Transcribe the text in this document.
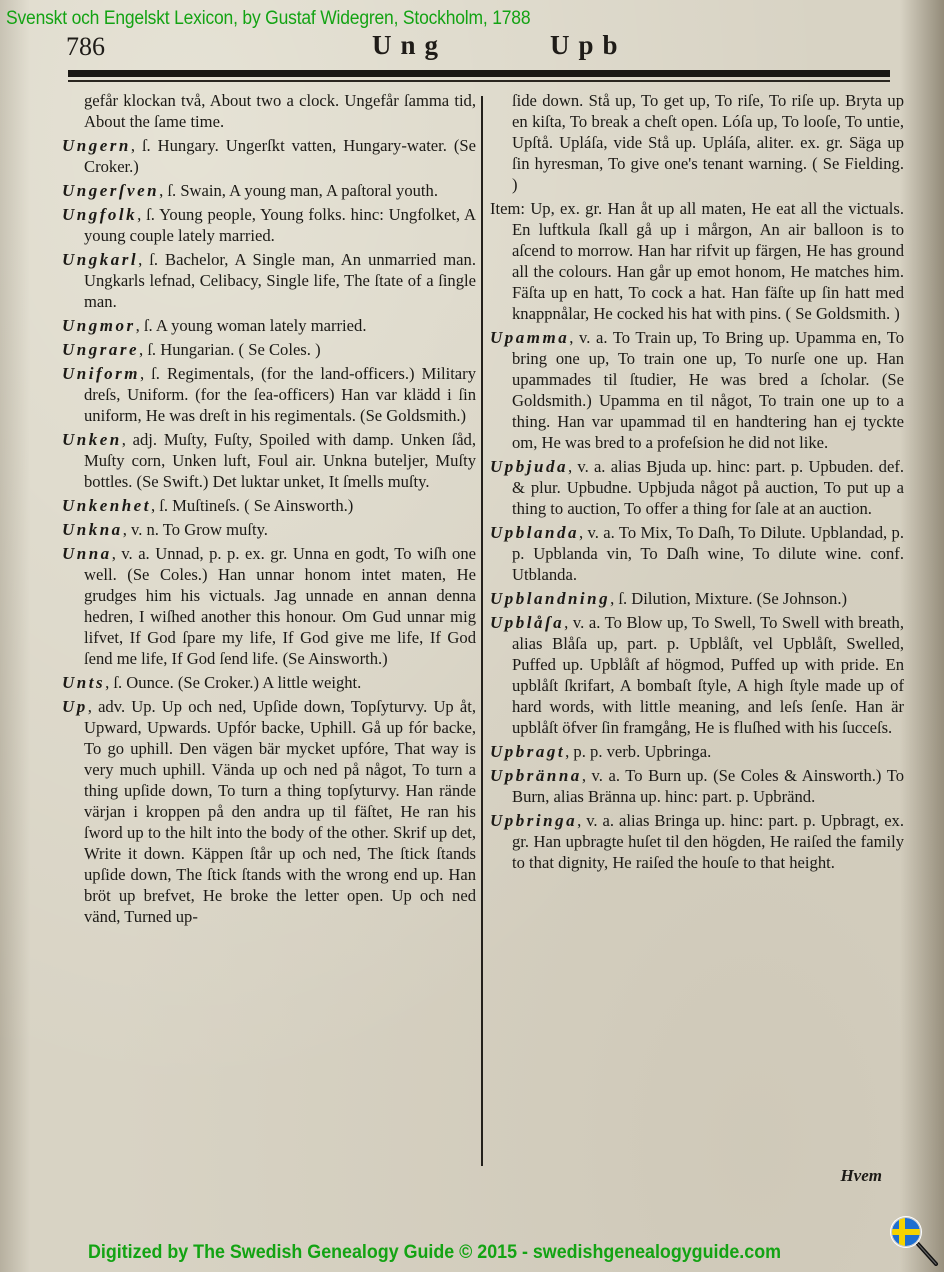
Svenskt och Engelskt Lexicon, by Gustaf Widegren, Stockholm, 1788
786	Ung	Upb
gefår klockan två, About two a clock. Ungefår ſamma tid, About the ſame time.
Ungern, ſ. Hungary. Ungerſkt vatten, Hungary-water. (Se Croker.)
Ungerſven, ſ. Swain, A young man, A paſtoral youth.
Ungfolk, ſ. Young people, Young folks. hinc: Ungfolket, A young couple lately married.
Ungkarl, ſ. Bachelor, A Single man, An unmarried man. Ungkarls lefnad, Celibacy, Single life, The ſtate of a ſingle man.
Ungmor, ſ. A young woman lately married.
Ungrare, ſ. Hungarian. ( Se Coles. )
Uniform, ſ. Regimentals, (for the land-officers.) Military dreſs, Uniform. (for the ſea-officers) Han var klädd i ſin uniform, He was dreſt in his regimentals. (Se Goldsmith.)
Unken, adj. Muſty, Fuſty, Spoiled with damp. Unken ſåd, Muſty corn, Unken luft, Foul air. Unkna buteljer, Muſty bottles. (Se Swift.) Det luktar unket, It ſmells muſty.
Unkenhet, ſ. Muſtineſs. ( Se Ainsworth.)
Unkna, v. n. To Grow muſty.
Unna, v. a. Unnad, p. p. ex. gr. Unna en godt, To wiſh one well. (Se Coles.) Han unnar honom intet maten, He grudges him his victuals. Jag unnade en annan denna hedren, I wiſhed another this honour. Om Gud unnar mig lifvet, If God ſpare my life, If God give me life, If God ſend me life, If God ſend life. (Se Ainsworth.)
Unts, ſ. Ounce. (Se Croker.) A little weight.
Up, adv. Up. Up och ned, Upſide down, Topſyturvy. Up åt, Upward, Upwards. Upfór backe, Uphill. Gå up fór backe, To go uphill. Den vägen bär mycket upfóre, That way is very much uphill. Vända up och ned på något, To turn a thing upſide down, To turn a thing topſyturvy. Han rände värjan i kroppen på den andra up til fäſtet, He ran his ſword up to the hilt into the body of the other. Skrif up det, Write it down. Käppen ſtår up och ned, The ſtick ſtands upſide down, The ſtick ſtands with the wrong end up. Han bröt up brefvet, He broke the letter open. Up och ned vänd, Turned up-
ſide down. Stå up, To get up, To riſe, To riſe up. Bryta up en kiſta, To break a cheſt open. Lóſa up, To looſe, To untie, Upſtå. Upláſa, vide Stå up. Upláſa, aliter. ex. gr. Säga up ſin hyresman, To give one's tenant warning. ( Se Fielding. )
Item: Up, ex. gr. Han åt up all maten, He eat all the victuals. En luftkula ſkall gå up i mårgon, An air balloon is to aſcend to morrow. Han har rifvit up färgen, He has ground all the colours. Han går up emot honom, He matches him. Fäſta up en hatt, To cock a hat. Han fäſte up ſin hatt med knappnålar, He cocked his hat with pins. ( Se Goldsmith. )
Upamma, v. a. To Train up, To Bring up. Upamma en, To bring one up, To train one up, To nurſe one up. Han upammades til ſtudier, He was bred a ſcholar. (Se Goldsmith.) Upamma en til något, To train one up to a thing. Han var upammad til en handtering han ej tyckte om, He was bred to a profeſsion he did not like.
Upbjuda, v. a. alias Bjuda up. hinc: part. p. Upbuden. def. & plur. Upbudne. Upbjuda något på auction, To put up a thing to auction, To offer a thing for ſale at an auction.
Upblanda, v. a. To Mix, To Daſh, To Dilute. Upblandad, p. p. Upblanda vin, To Daſh wine, To dilute wine. conf. Utblanda.
Upblandning, ſ. Dilution, Mixture. (Se Johnson.)
Upblåſa, v. a. To Blow up, To Swell, To Swell with breath, alias Blåſa up, part. p. Upblåſt, vel Upblåſt, Swelled, Puffed up. Upblåſt af högmod, Puffed up with pride. En upblåſt ſkrifart, A bombaſt ſtyle, A high ſtyle made up of hard words, with little meaning, and leſs ſenſe. Han är upblåſt öfver ſin framgång, He is fluſhed with his ſucceſs.
Upbragt, p. p. verb. Upbringa.
Upbränna, v. a. To Burn up. (Se Coles & Ainsworth.) To Burn, alias Bränna up. hinc: part. p. Upbränd.
Upbringa, v. a. alias Bringa up. hinc: part. p. Upbragt, ex. gr. Han upbragte huſet til den högden, He raiſed the family to that dignity, He raiſed the houſe to that height.
Hvem
Digitized by The Swedish Genealogy Guide © 2015 - swedishgenealogyguide.com
